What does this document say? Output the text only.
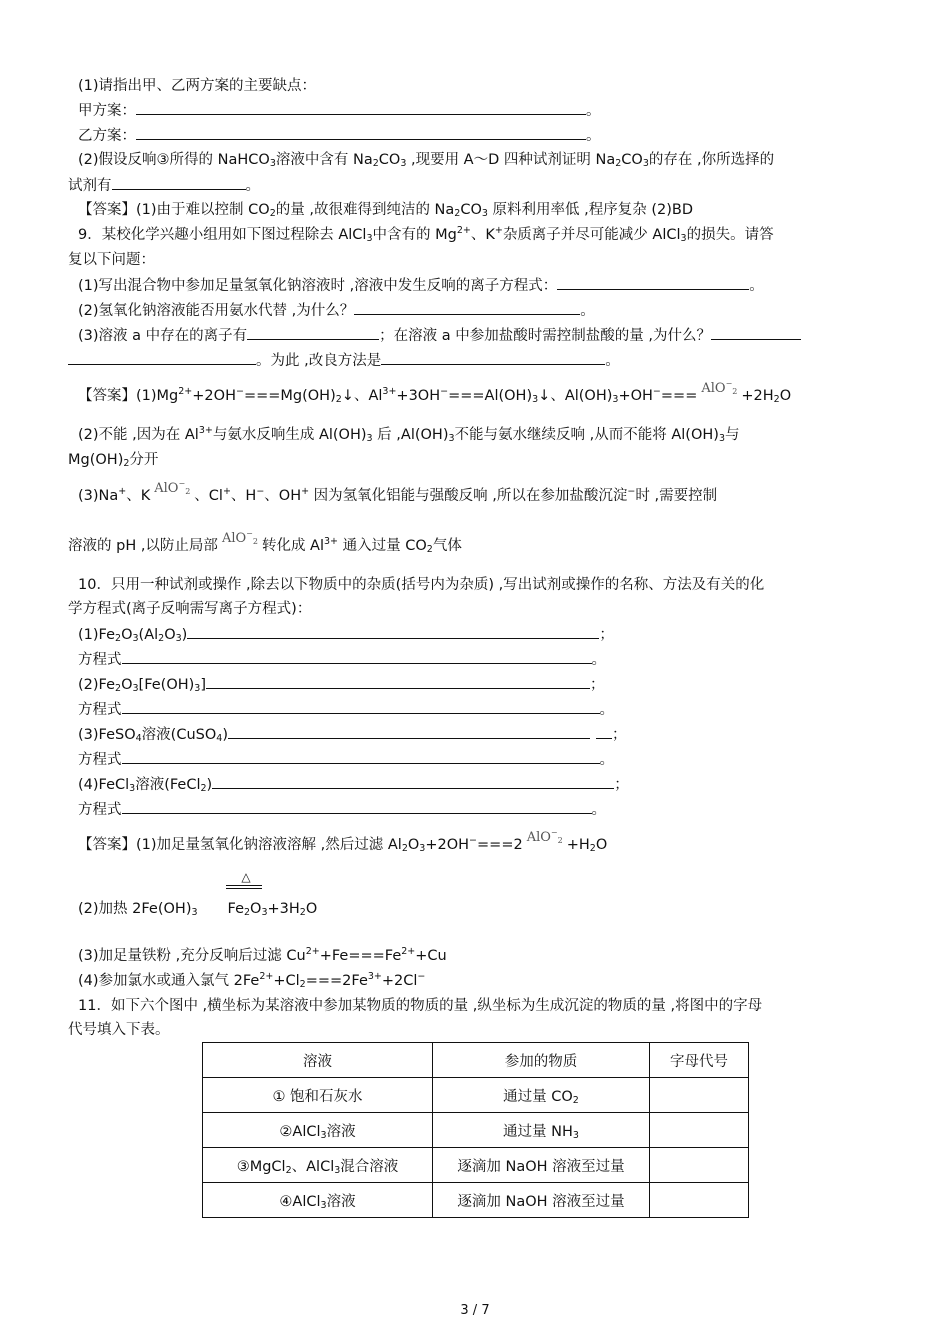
(1)请指出甲、乙两方案的主要缺点：
甲方案：	。
乙方案：	。
(2)假设反响③所得的 NaHCO$_3$溶液中含有 $Na_2CO_3$ ,现要用 A～D 四种试剂证明 $Na_2CO_3$的存在 ,你所选择的
试剂有	。
【答案】(1)由于难以控制 $CO_2$的量 ,故很难得到纯洁的 $Na_2CO_3$ 原料利用率低 ,程序复杂 (2)BD
9．某校化学兴趣小组用如下图过程除去 AlCl$_3$中含有的 $Mg^{2+}$、K+杂质离子并尽可能减少 AlCl$_3$的损失。请答
复以下问题：
(1)写出混合物中参加足量氢氧化钠溶液时 ,溶液中发生反响的离子方程式：	。
(2)氢氧化钠溶液能否用氨水代替 ,为什么？	。
(3)溶液 a 中存在的离子有	；在溶液 a 中参加盐酸时需控制盐酸的量 ,为什么？
。为此 ,改良方法是	。
【答案】$(1)Mg^{2+}+2OH^-===Mg(OH)_2↓$、$Al^{3+}+3OH^-===Al(OH)_3↓$、$Al(OH)_3+OH^-=== AlO^-_2 +2H_2O$
(2)不能 ,因为在 $Al^{3+}$与氨水反响生成 $Al(OH)_3$ 后 $,Al(OH)_3$不能与氨水继续反响 ,从而不能将 $Al(OH)_3$与
$Mg(OH)_2$分开
(3)Na+、K AlO−$_2$ 、Cl+、H−、OH+ 因为氢氧化铝能与强酸反响 ,所以在参加盐酸沉淀−时 ,需要控制
溶液的 pH ,以防止局部 AlO−$_2$ 转化成 $Al^{3+}$ 通入过量 $CO_2$气体
10．只用一种试剂或操作 ,除去以下物质中的杂质(括号内为杂质) ,写出试剂或操作的名称、方法及有关的化
学方程式(离子反响需写离子方程式)：
$(1)Fe_2O_3(Al_2O_3)$	；
方程式	。
$(2)Fe_2O_3[Fe(OH)_3]$	；
方程式	。
(3)FeSO$_4$溶液(CuSO$_4$)	；
方程式	。
(4)FeCl$_3$溶液(FeCl$_2$)	；
方程式	。
【答案】(1)加足量氢氧化钠溶液溶解 ,然后过滤 $Al_2O_3+2OH^-===2$ $AlO^-_2 +H_2O$
△
(2)加热 $2Fe(OH)_3$ $Fe_2O_3+3H_2O$
(3)加足量铁粉 ,充分反响后过滤 $Cu^{2+}+Fe===Fe^{2+}+Cu$
(4)参加氯水或通入氯气 $2Fe^{2+}+Cl_2===2Fe^{3+}+2Cl^-$
11．如下六个图中 ,横坐标为某溶液中参加某物质的物质的量 ,纵坐标为生成沉淀的物质的量 ,将图中的字母
代号填入下表。
溶液	参加的物质	字母代号
① 饱和石灰水	通过量 $CO_2$	
②AlCl$_3$溶液	通过量 $NH_3$	
③MgCl$_2$、AlCl$_3$混合溶液	逐滴加 NaOH 溶液至过量	
④AlCl$_3$溶液	逐滴加 NaOH 溶液至过量	
3 / 7
